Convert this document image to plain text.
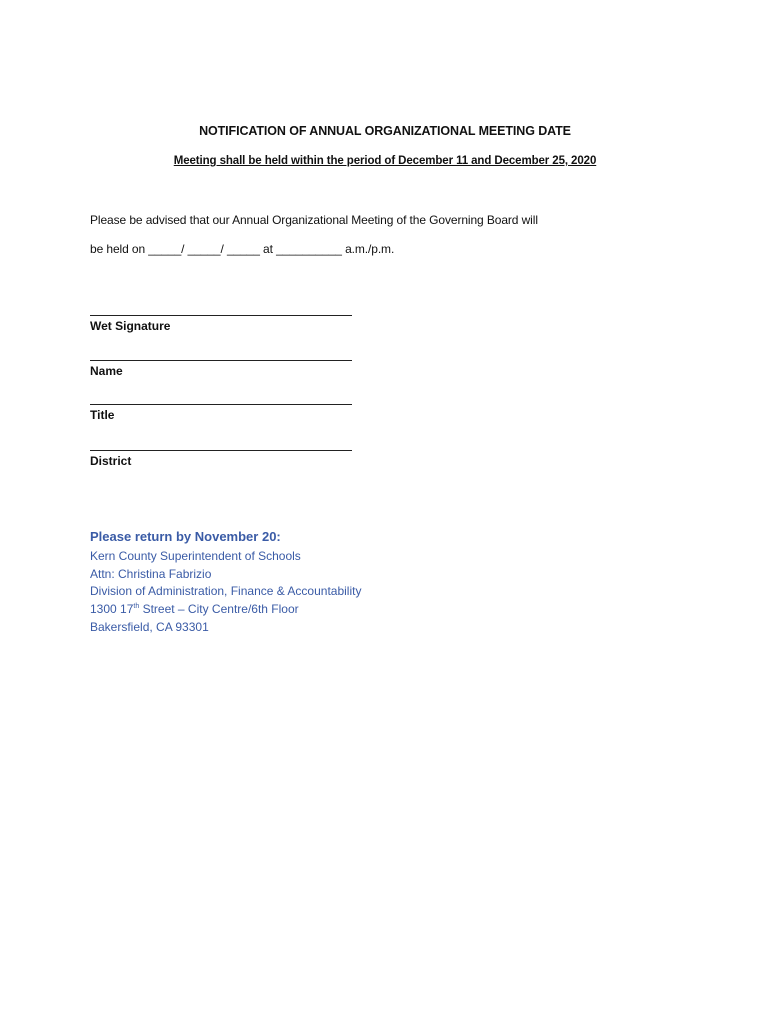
NOTIFICATION OF ANNUAL ORGANIZATIONAL MEETING DATE
Meeting shall be held within the period of December 11 and December 25, 2020
Please be advised that our Annual Organizational Meeting of the Governing Board will
be held on _____/ _____/ _____ at __________ a.m./p.m.
Wet Signature
Name
Title
District
Please return by November 20:
Kern County Superintendent of Schools
Attn: Christina Fabrizio
Division of Administration, Finance & Accountability
1300 17th Street – City Centre/6th Floor
Bakersfield, CA 93301
